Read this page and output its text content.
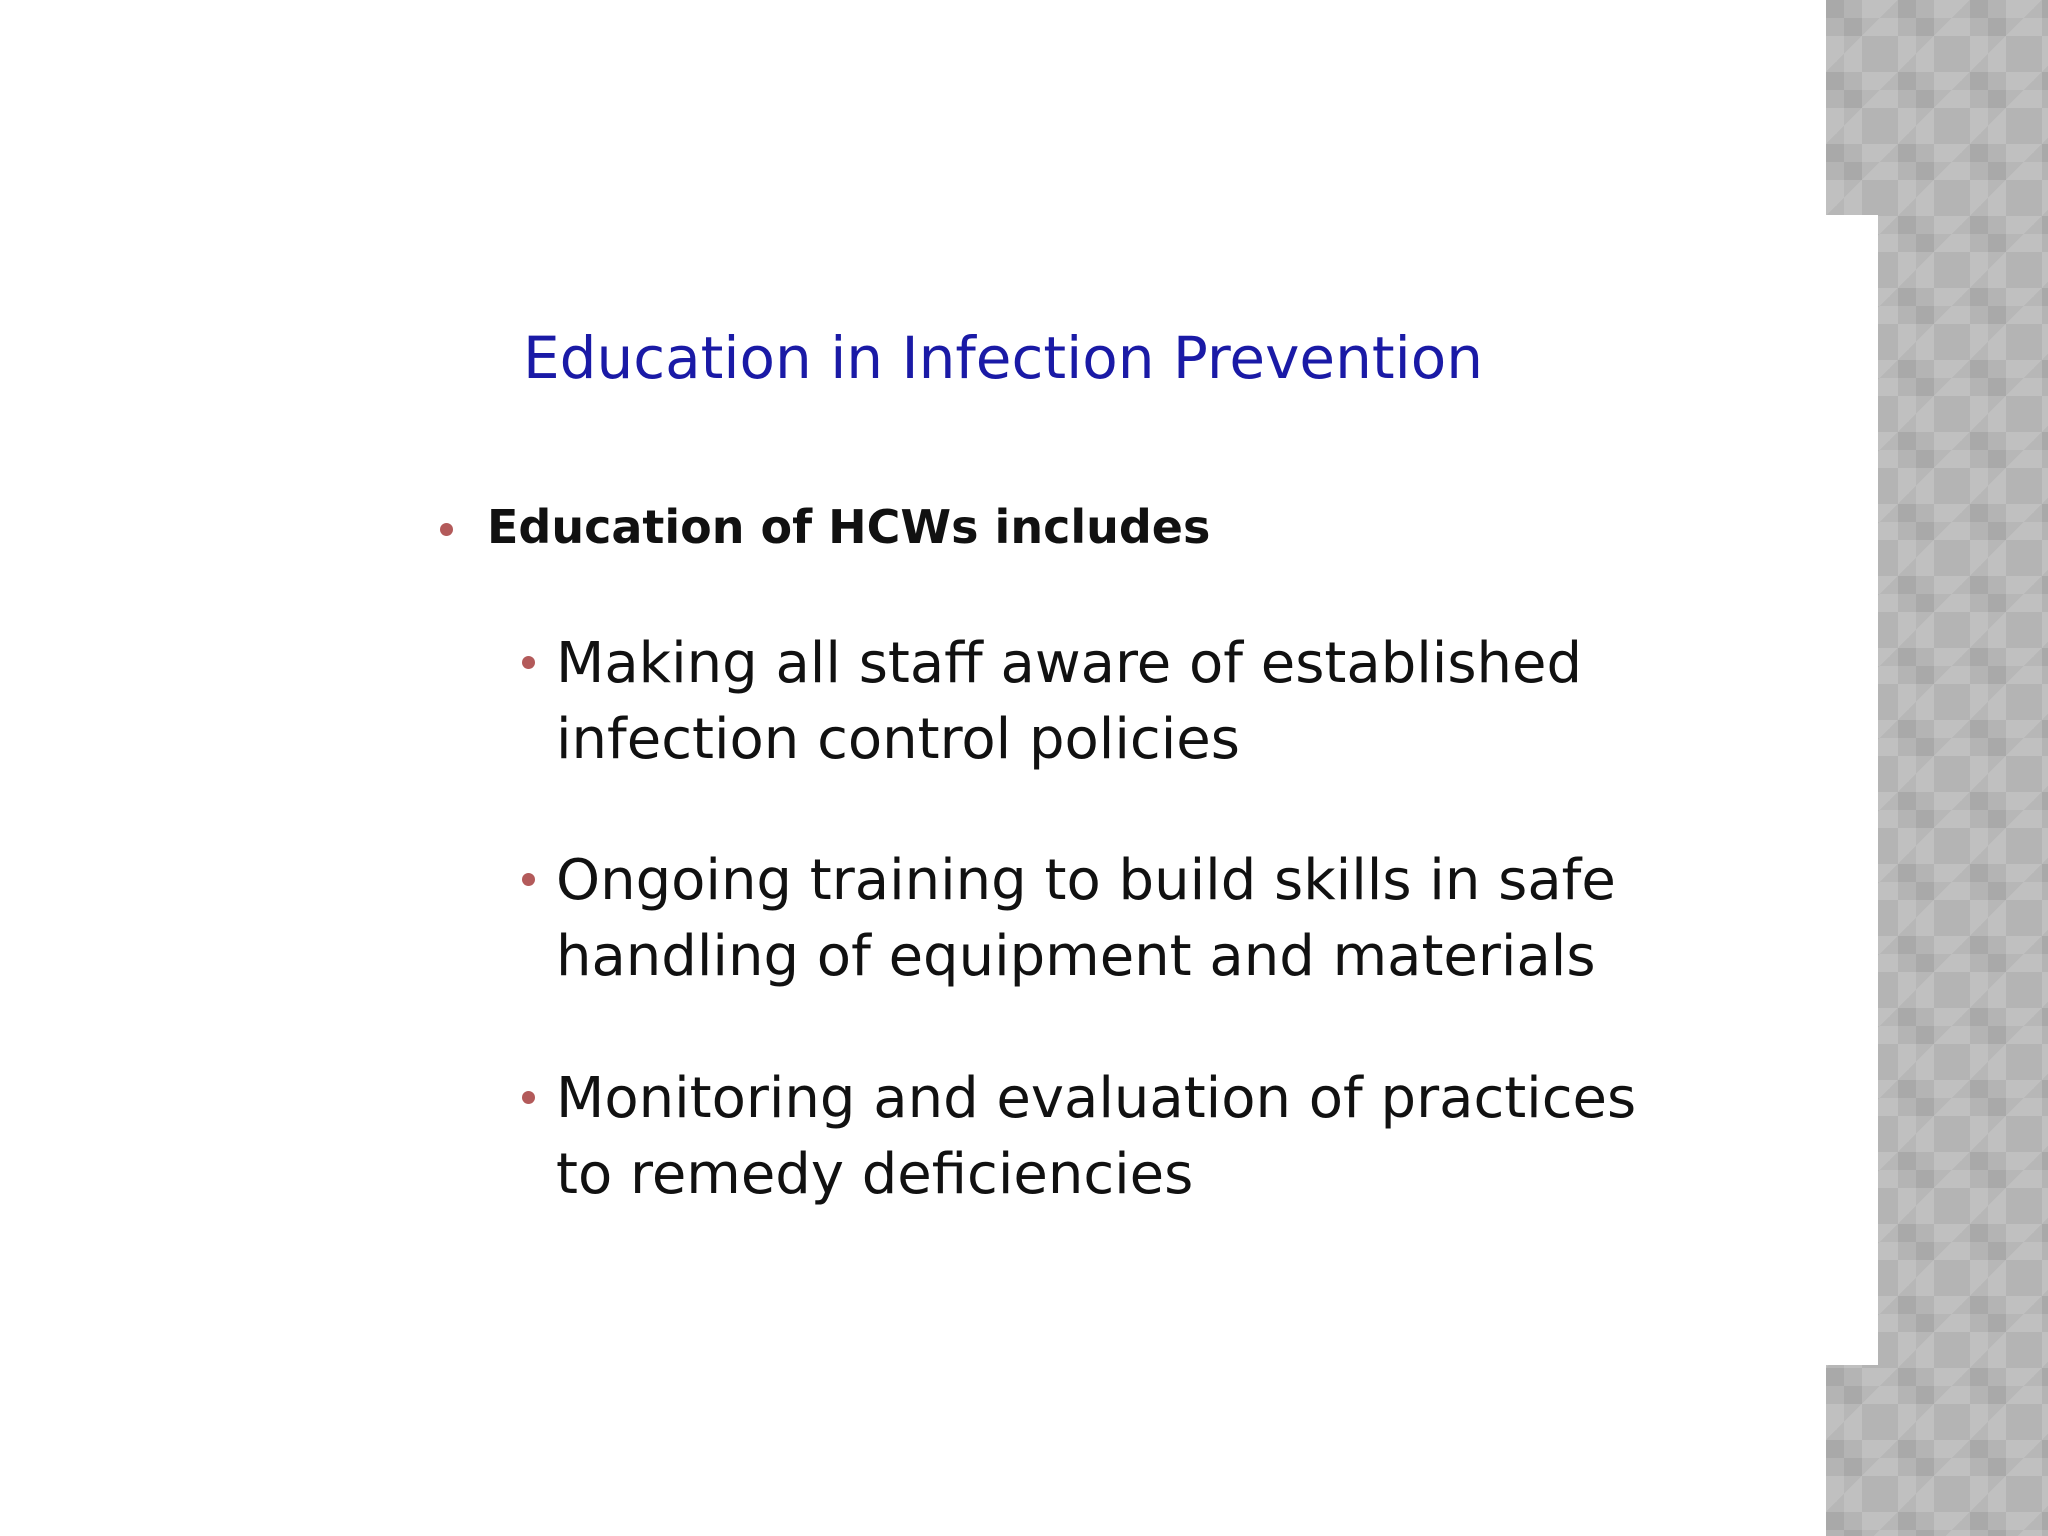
Education in Infection Prevention
Education of HCWs includes
Making all staff aware of established
infection control policies
Ongoing training to build skills in safe
handling of equipment and materials
Monitoring and evaluation of practices
to remedy deficiencies
